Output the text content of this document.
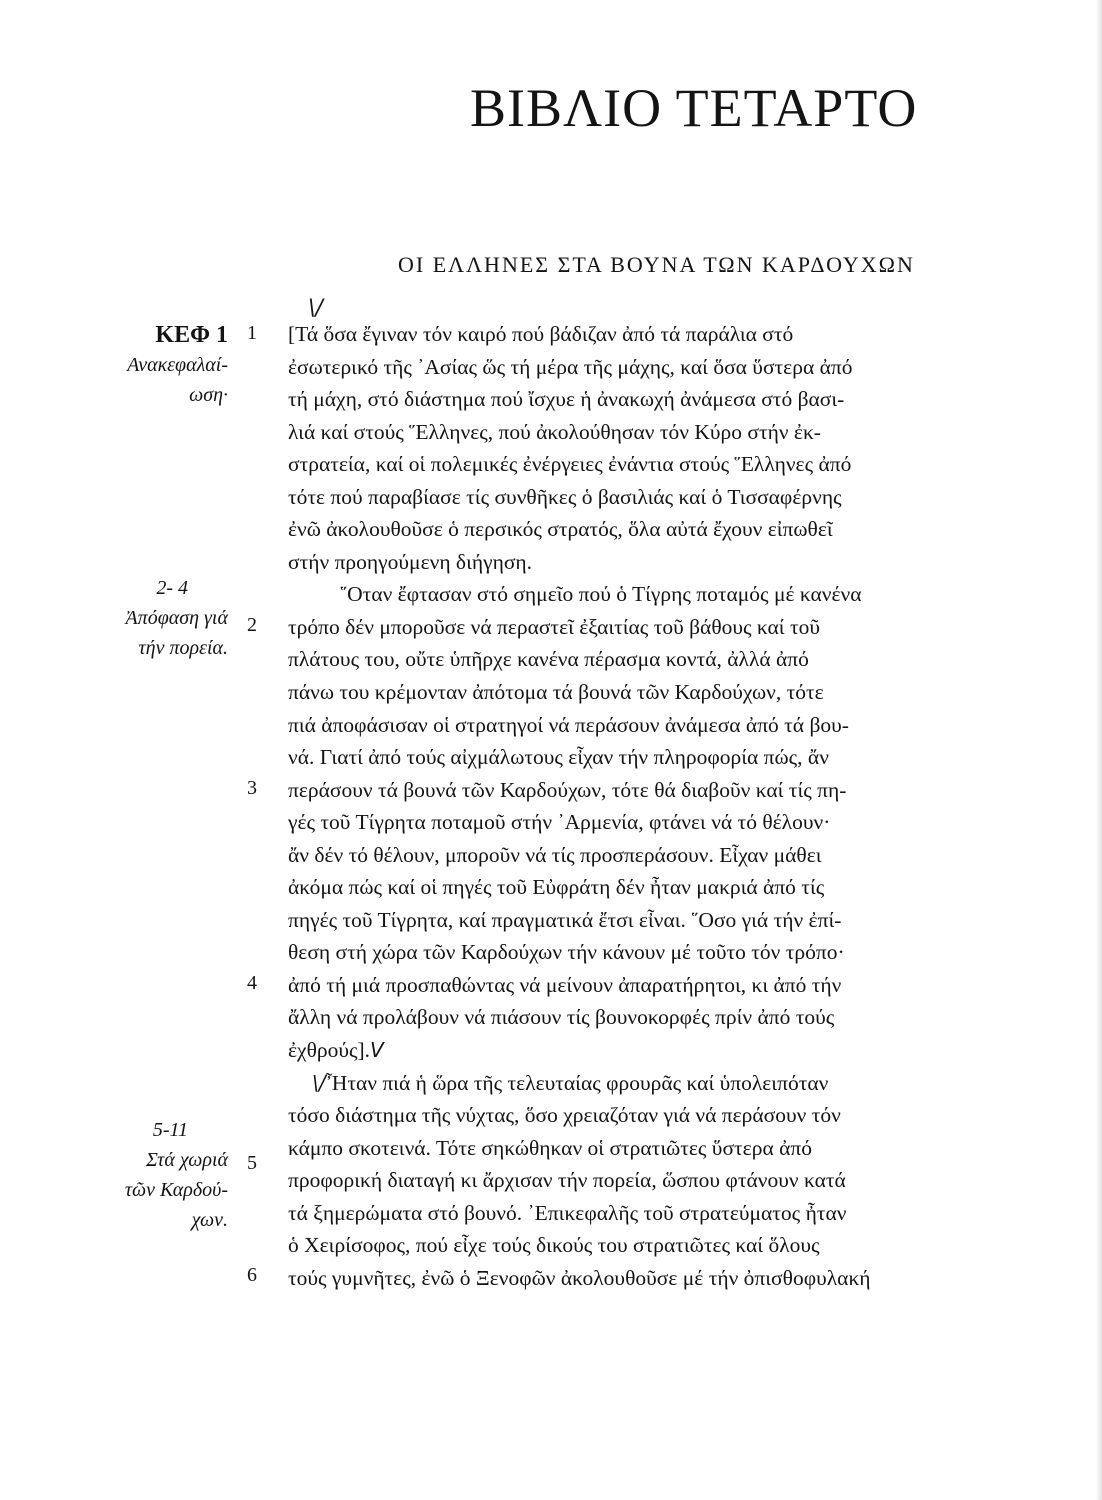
ΒΙΒΛΙΟ ΤΕΤΑΡΤΟ
ΟΙ ΕΛΛΗΝΕΣ ΣΤΑ ΒΟΥΝΑ ΤΩΝ ΚΑΡΔΟΥΧΩΝ
\/
ΚΕΦ 1
Ανακεφαλαί-
ωση·
2- 4
Ἀπόφαση γιά
τήν πορεία.
5-11
Στά χωριά
τῶν Καρδού-
χων.
1
2
3
4
5
6
[Τά ὅσα ἔγιναν τόν καιρό πού βάδιζαν ἀπό τά παράλια στό
ἐσωτερικό τῆς ᾿Ασίας ὥς τή μέρα τῆς μάχης, καί ὅσα ὕστερα ἀπό
τή μάχη, στό διάστημα πού ἴσχυε ἡ ἀνακωχή ἀνάμεσα στό βασι-
λιά καί στούς Ἕλληνες, πού ἀκολούθησαν τόν Κύρο στήν ἐκ-
στρατεία, καί οἱ πολεμικές ἐνέργειες ἐνάντια στούς Ἕλληνες ἀπό
τότε πού παραβίασε τίς συνθῆκες ὁ βασιλιάς καί ὁ Τισσαφέρνης
ἐνῶ ἀκολουθοῦσε ὁ περσικός στρατός, ὅλα αὐτά ἔχουν εἰπωθεῖ
στήν προηγούμενη διήγηση.
῞Οταν ἔφτασαν στό σημεῖο πού ὁ Τίγρης ποταμός μέ κανένα
τρόπο δέν μποροῦσε νά περαστεῖ ἐξαιτίας τοῦ βάθους καί τοῦ
πλάτους του, οὔτε ὑπῆρχε κανένα πέρασμα κοντά, ἀλλά ἀπό
πάνω του κρέμονταν ἀπότομα τά βουνά τῶν Καρδούχων, τότε
πιά ἀποφάσισαν οἱ στρατηγοί νά περάσουν ἀνάμεσα ἀπό τά βου-
νά. Γιατί ἀπό τούς αἰχμάλωτους εἶχαν τήν πληροφορία πώς, ἄν
περάσουν τά βουνά τῶν Καρδούχων, τότε θά διαβοῦν καί τίς πη-
γές τοῦ Τίγρητα ποταμοῦ στήν ᾿Αρμενία, φτάνει νά τό θέλουν·
ἄν δέν τό θέλουν, μποροῦν νά τίς προσπεράσουν. Εἶχαν μάθει
ἀκόμα πώς καί οἱ πηγές τοῦ Εὐφράτη δέν ἦταν μακριά ἀπό τίς
πηγές τοῦ Τίγρητα, καί πραγματικά ἔτσι εἶναι. ῞Οσο γιά τήν ἐπί-
θεση στή χώρα τῶν Καρδούχων τήν κάνουν μέ τοῦτο τόν τρόπο·
ἀπό τή μιά προσπαθώντας νά μείνουν ἀπαρατήρητοι, κι ἀπό τήν
ἄλλη νά προλάβουν νά πιάσουν τίς βουνοκορφές πρίν ἀπό τούς
ἐχθρούς].V
\/Ἦταν πιά ἡ ὥρα τῆς τελευταίας φρουρᾶς καί ὑπολειπόταν
τόσο διάστημα τῆς νύχτας, ὅσο χρειαζόταν γιά νά περάσουν τόν
κάμπο σκοτεινά. Τότε σηκώθηκαν οἱ στρατιῶτες ὕστερα ἀπό
προφορική διαταγή κι ἄρχισαν τήν πορεία, ὥσπου φτάνουν κατά
τά ξημερώματα στό βουνό. ᾿Επικεφαλῆς τοῦ στρατεύματος ἦταν
ὁ Χειρίσοφος, πού εἶχε τούς δικούς του στρατιῶτες καί ὅλους
τούς γυμνῆτες, ἐνῶ ὁ Ξενοφῶν ἀκολουθοῦσε μέ τήν ὀπισθοφυλακή
